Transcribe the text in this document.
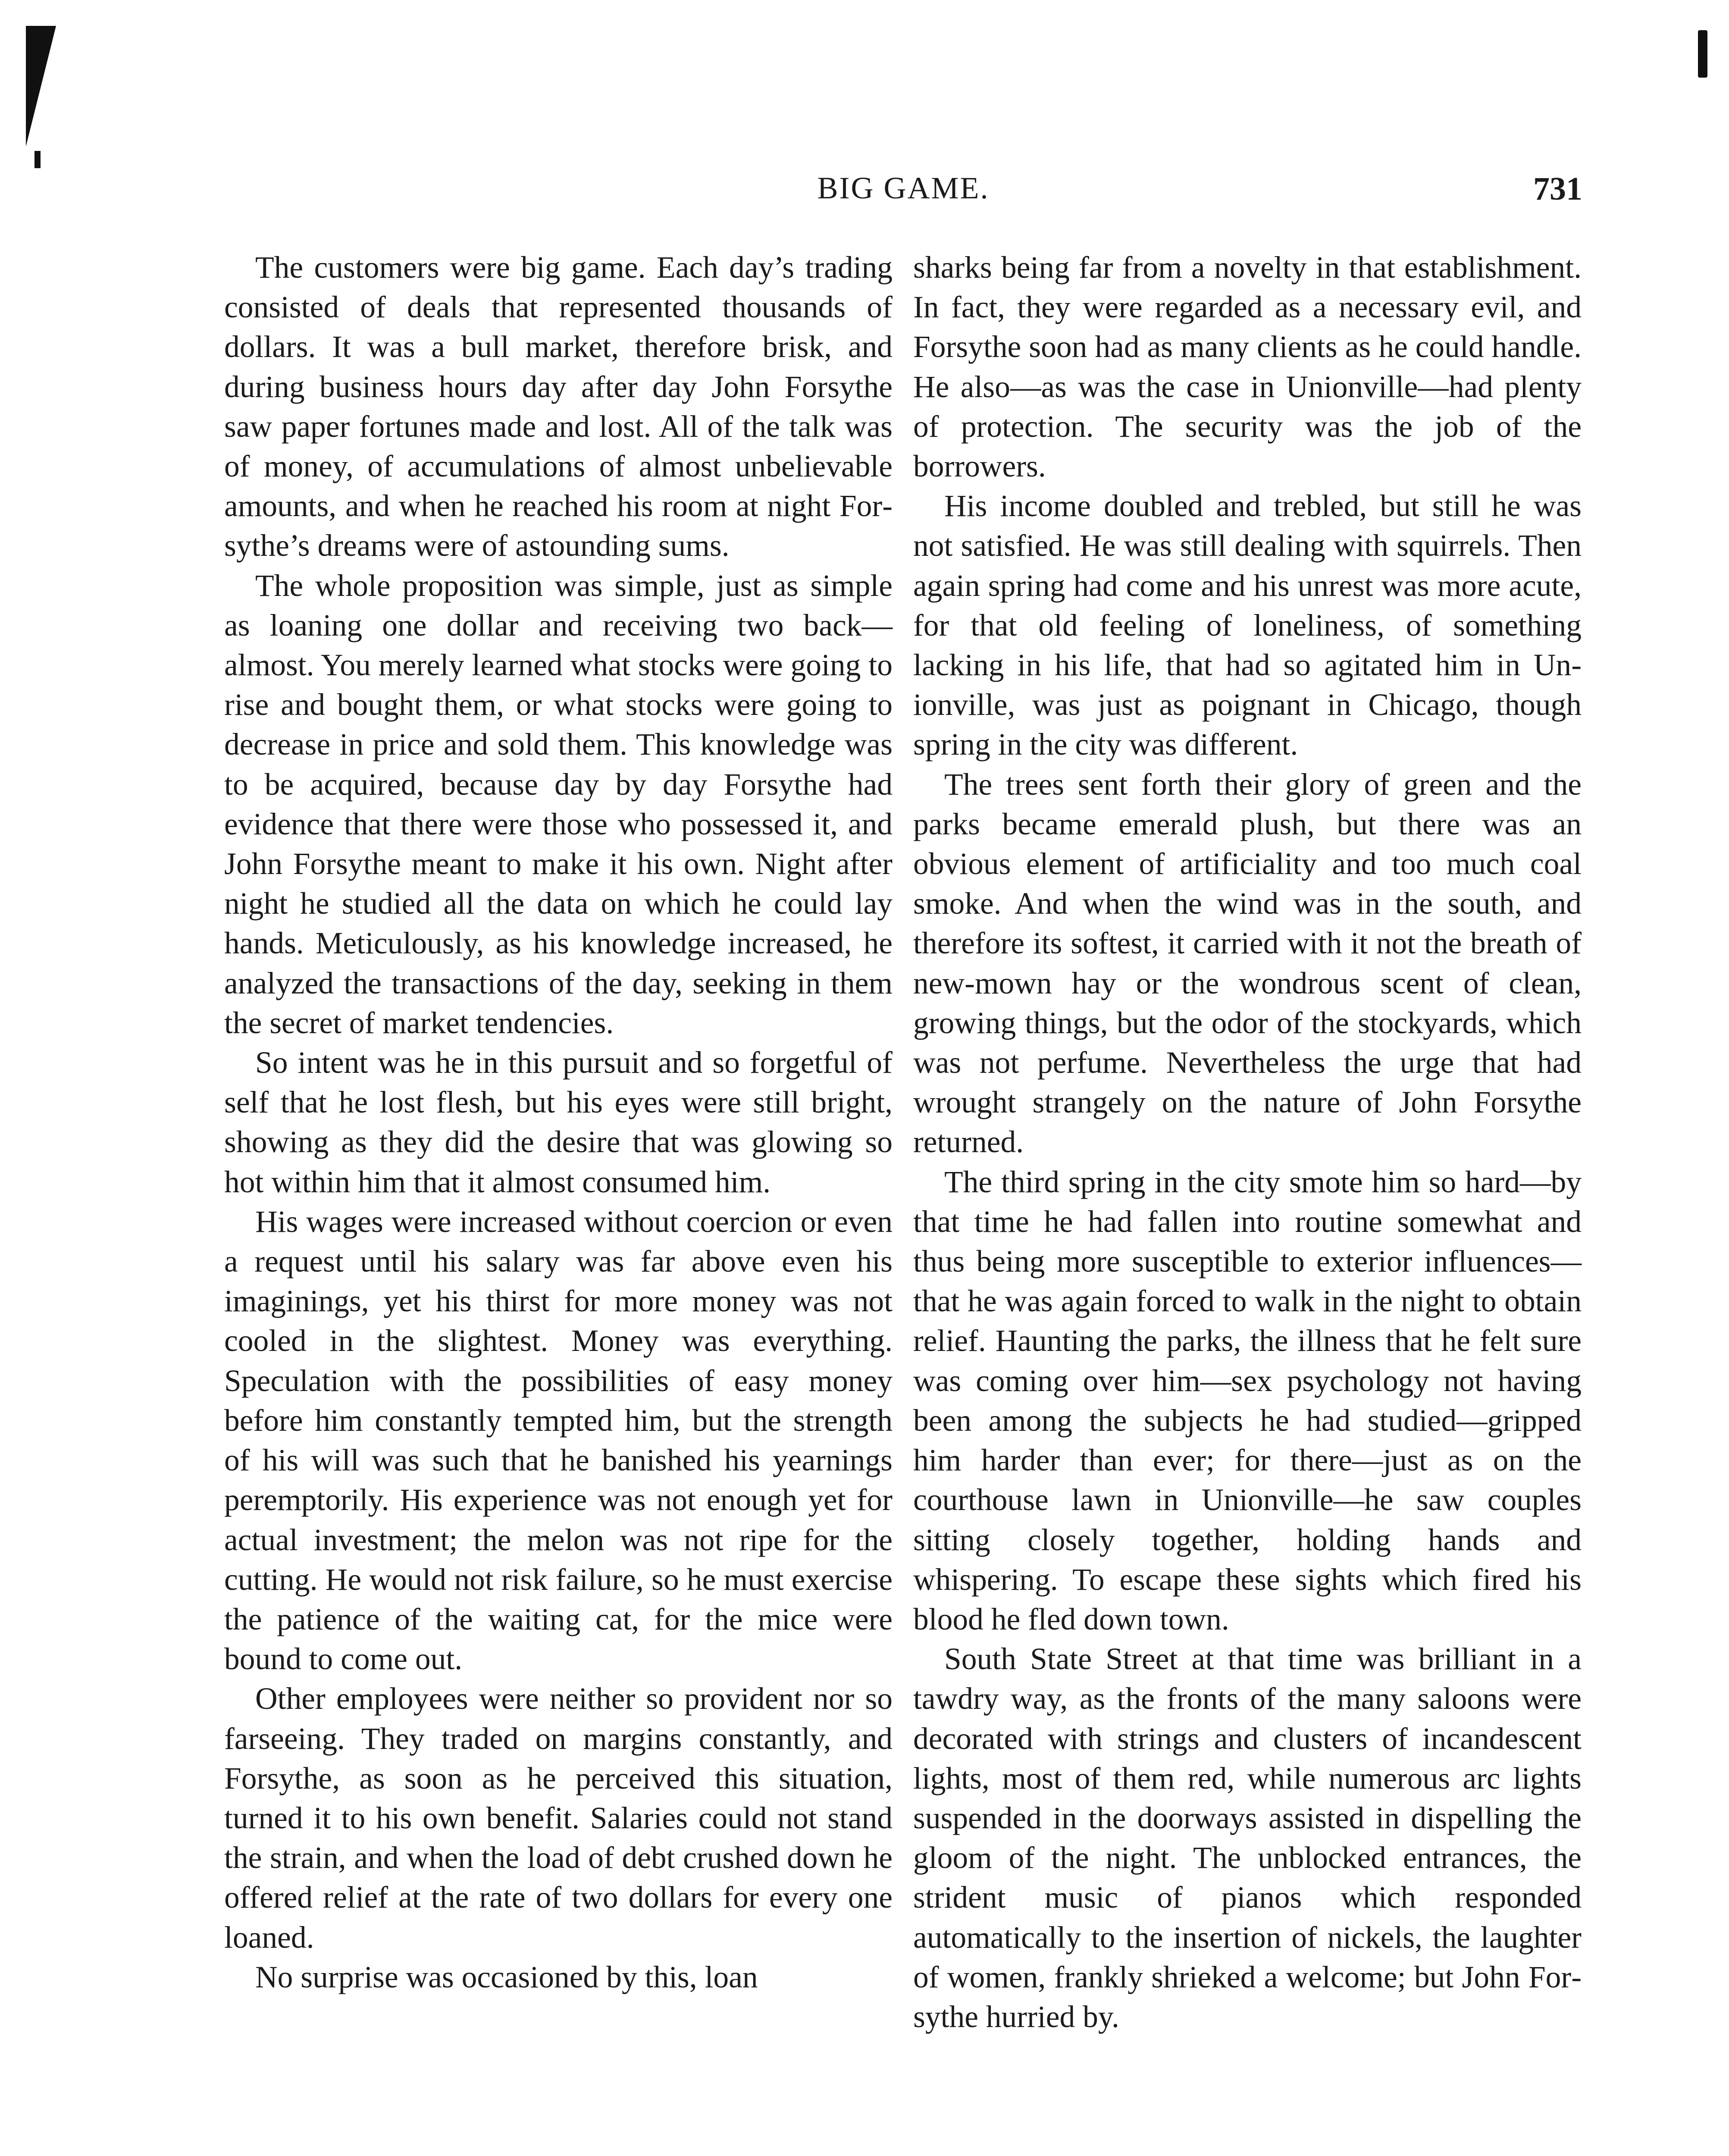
BIG GAME.	731

The customers were big game. Each day’s trading consisted of deals that represented thousands of dollars. It was a bull market, therefore brisk, and during business hours day after day John Forsythe saw paper fortunes made and lost. All of the talk was of money, of accumulations of almost unbelievable amounts, and when he reached his room at night Forsythe’s dreams were of astounding sums.

The whole proposition was simple, just as simple as loaning one dollar and receiving two back—almost. You merely learned what stocks were going to rise and bought them, or what stocks were going to decrease in price and sold them. This knowledge was to be acquired, because day by day Forsythe had evidence that there were those who possessed it, and John Forsythe meant to make it his own. Night after night he studied all the data on which he could lay hands. Meticulously, as his knowledge increased, he analyzed the transactions of the day, seeking in them the secret of market tendencies.

So intent was he in this pursuit and so forgetful of self that he lost flesh, but his eyes were still bright, showing as they did the desire that was glowing so hot within him that it almost consumed him.

His wages were increased without coercion or even a request until his salary was far above even his imaginings, yet his thirst for more money was not cooled in the slightest. Money was everything. Speculation with the possibilities of easy money before him constantly tempted him, but the strength of his will was such that he banished his yearnings peremptorily. His experience was not enough yet for actual investment; the melon was not ripe for the cutting. He would not risk failure, so he must exercise the patience of the waiting cat, for the mice were bound to come out.

Other employees were neither so provident nor so farseeing. They traded on margins constantly, and Forsythe, as soon as he perceived this situation, turned it to his own benefit. Salaries could not stand the strain, and when the load of debt crushed down he offered relief at the rate of two dollars for every one loaned.

No surprise was occasioned by this, loan

sharks being far from a novelty in that establishment. In fact, they were regarded as a necessary evil, and Forsythe soon had as many clients as he could handle. He also—as was the case in Unionville—had plenty of protection. The security was the job of the borrowers.

His income doubled and trebled, but still he was not satisfied. He was still dealing with squirrels. Then again spring had come and his unrest was more acute, for that old feeling of loneliness, of something lacking in his life, that had so agitated him in Unionville, was just as poignant in Chicago, though spring in the city was different.

The trees sent forth their glory of green and the parks became emerald plush, but there was an obvious element of artificiality and too much coal smoke. And when the wind was in the south, and therefore its softest, it carried with it not the breath of new-mown hay or the wondrous scent of clean, growing things, but the odor of the stockyards, which was not perfume. Nevertheless the urge that had wrought strangely on the nature of John Forsythe returned.

The third spring in the city smote him so hard—by that time he had fallen into routine somewhat and thus being more susceptible to exterior influences—that he was again forced to walk in the night to obtain relief. Haunting the parks, the illness that he felt sure was coming over him—sex psychology not having been among the subjects he had studied—gripped him harder than ever; for there—just as on the courthouse lawn in Unionville—he saw couples sitting closely together, holding hands and whispering. To escape these sights which fired his blood he fled down town.

South State Street at that time was brilliant in a tawdry way, as the fronts of the many saloons were decorated with strings and clusters of incandescent lights, most of them red, while numerous arc lights suspended in the doorways assisted in dispelling the gloom of the night. The unblocked entrances, the strident music of pianos which responded automatically to the insertion of nickels, the laughter of women, frankly shrieked a welcome; but John Forsythe hurried by.
